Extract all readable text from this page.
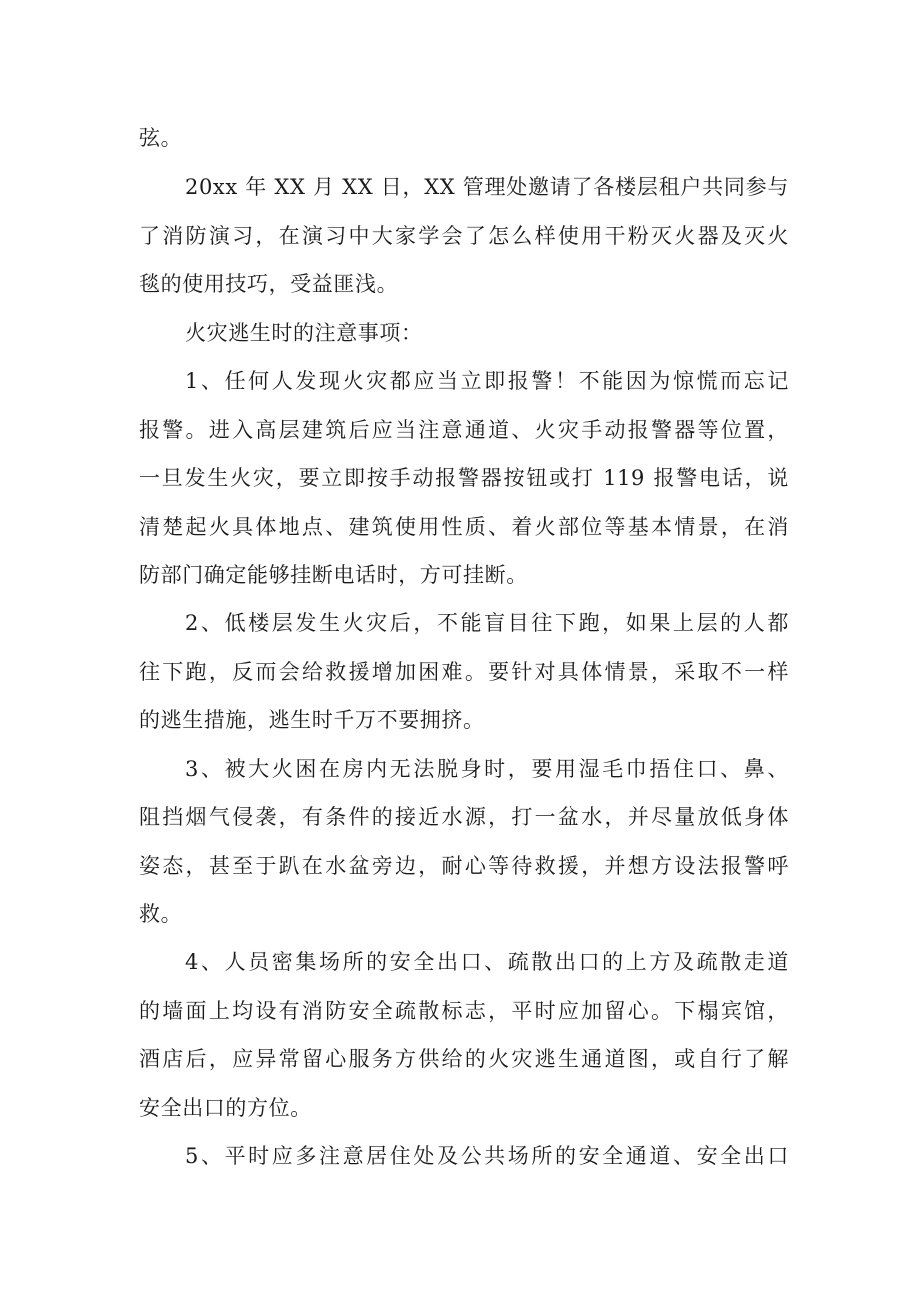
弦。
20xx 年 XX 月 XX 日，XX 管理处邀请了各楼层租户共同参与
了消防演习，在演习中大家学会了怎么样使用干粉灭火器及灭火
毯的使用技巧，受益匪浅。
火灾逃生时的注意事项：
1、任何人发现火灾都应当立即报警！不能因为惊慌而忘记
报警。进入高层建筑后应当注意通道、火灾手动报警器等位置，
一旦发生火灾，要立即按手动报警器按钮或打 119 报警电话，说
清楚起火具体地点、建筑使用性质、着火部位等基本情景，在消
防部门确定能够挂断电话时，方可挂断。
2、低楼层发生火灾后，不能盲目往下跑，如果上层的人都
往下跑，反而会给救援增加困难。要针对具体情景，采取不一样
的逃生措施，逃生时千万不要拥挤。
3、被大火困在房内无法脱身时，要用湿毛巾捂住口、鼻、
阻挡烟气侵袭，有条件的接近水源，打一盆水，并尽量放低身体
姿态，甚至于趴在水盆旁边，耐心等待救援，并想方设法报警呼
救。
4、人员密集场所的安全出口、疏散出口的上方及疏散走道
的墙面上均设有消防安全疏散标志，平时应加留心。下榻宾馆，
酒店后，应异常留心服务方供给的火灾逃生通道图，或自行了解
安全出口的方位。
5、平时应多注意居住处及公共场所的安全通道、安全出口
